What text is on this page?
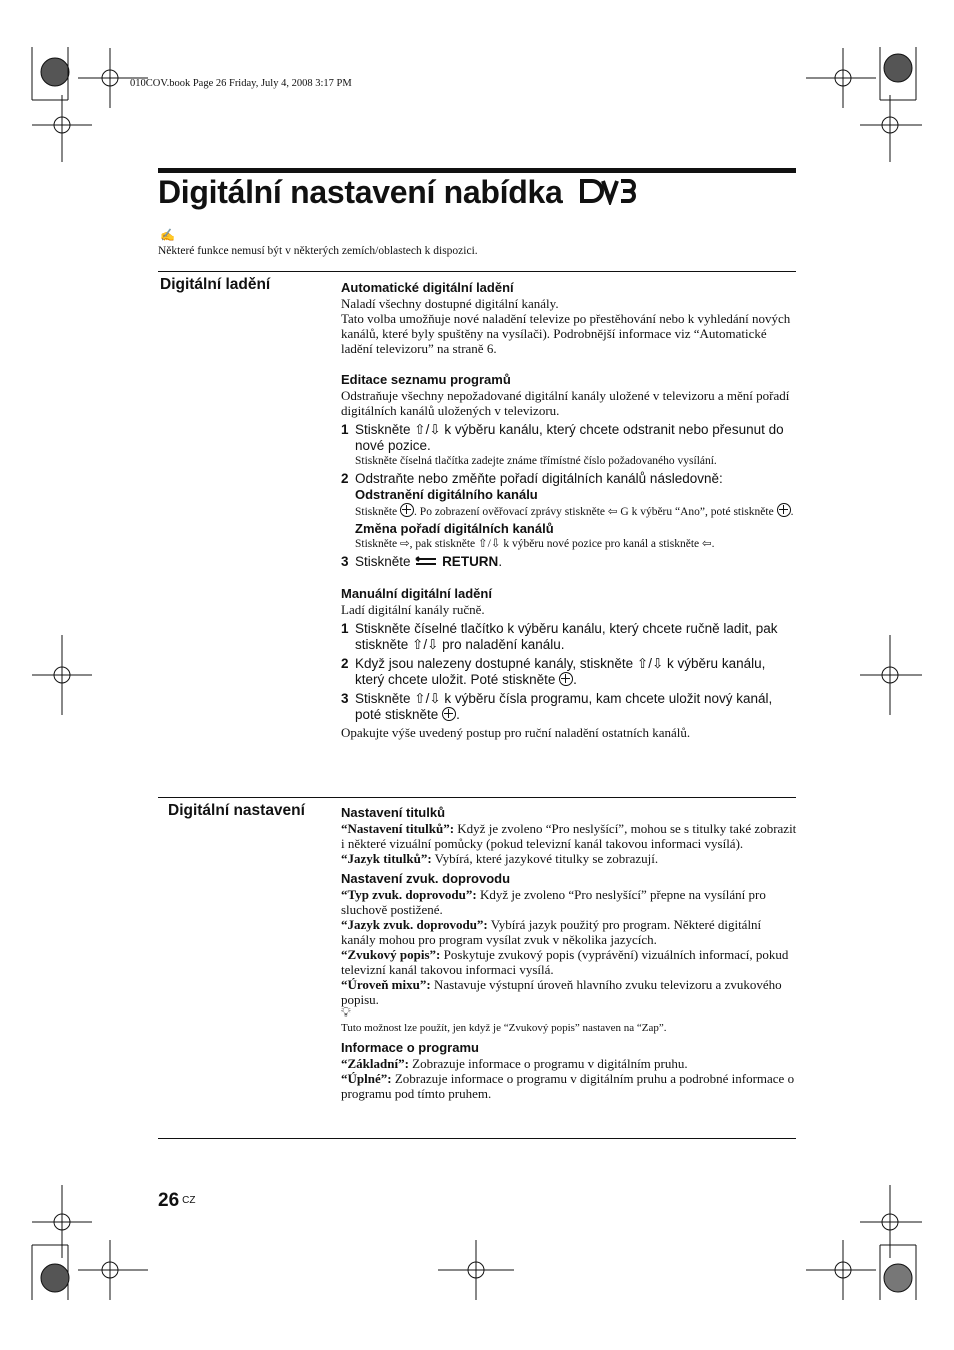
010COV.book Page 26 Friday, July 4, 2008 3:17 PM
Digitální nastavení nabídka
✍
Některé funkce nemusí být v některých zemích/oblastech k dispozici.
Digitální ladění	Automatické digitální ladění

Naladí všechny dostupné digitální kanály.

Tato volba umožňuje nové naladění televize po přestěhování nebo k vyhledání nových kanálů, které byly spuštěny na vysílači). Podrobnější informace viz “Automatické ladění televizoru” na straně 6.

Editace seznamu programů

Odstraňuje všechny nepožadované digitální kanály uložené v televizoru a mění pořadí digitálních kanálů uložených v televizoru.

1 Stiskněte ⇧/⇩ k výběru kanálu, který chcete odstranit nebo přesunut do nové pozice.

Stiskněte číselná tlačítka zadejte známe třímístné číslo požadovaného vysílání.

2 Odstraňte nebo změňte pořadí digitálních kanálů následovně:

Odstranění digitálního kanálu

Stiskněte . Po zobrazení ověřovací zprávy stiskněte ⇦ G k výběru “Ano”, poté stiskněte .

Změna pořadí digitálních kanálů

Stiskněte ⇨, pak stiskněte ⇧/⇩ k výběru nové pozice pro kanál a stiskněte ⇦.

3 Stiskněte RETURN.

Manuální digitální ladění

Ladí digitální kanály ručně.

1 Stiskněte číselné tlačítko k výběru kanálu, který chcete ručně ladit, pak stiskněte ⇧/⇩ pro naladění kanálu.

2 Když jsou nalezeny dostupné kanály, stiskněte ⇧/⇩ k výběru kanálu, který chcete uložit. Poté stiskněte .

3 Stiskněte ⇧/⇩ k výběru čísla programu, kam chcete uložit nový kanál, poté stiskněte .

Opakujte výše uvedený postup pro ruční naladění ostatních kanálů.

Digitální nastavení	Nastavení titulků

“Nastavení titulků”: Když je zvoleno “Pro neslyšící”, mohou se s titulky také zobrazit i některé vizuální pomůcky (pokud televizní kanál takovou informaci vysílá).

“Jazyk titulků”: Vybírá, které jazykové titulky se zobrazují.

Nastavení zvuk. doprovodu

“Typ zvuk. doprovodu”: Když je zvoleno “Pro neslyšící” přepne na vysílání pro sluchově postižené.

“Jazyk zvuk. doprovodu”: Vybírá jazyk použitý pro program. Některé digitální kanály mohou pro program vysílat zvuk v několika jazycích.

“Zvukový popis”: Poskytuje zvukový popis (vyprávění) vizuálních informací, pokud televizní kanál takovou informaci vysílá.

“Úroveň mixu”: Nastavuje výstupní úroveň hlavního zvuku televizoru a zvukového popisu.

💡︎

Tuto možnost lze použít, jen když je “Zvukový popis” nastaven na “Zap”.

Informace o programu

“Základní”: Zobrazuje informace o programu v digitálním pruhu.

“Úplné”: Zobrazuje informace o programu v digitálním pruhu a podrobné informace o programu pod tímto pruhem.

26 $^{CZ}$
